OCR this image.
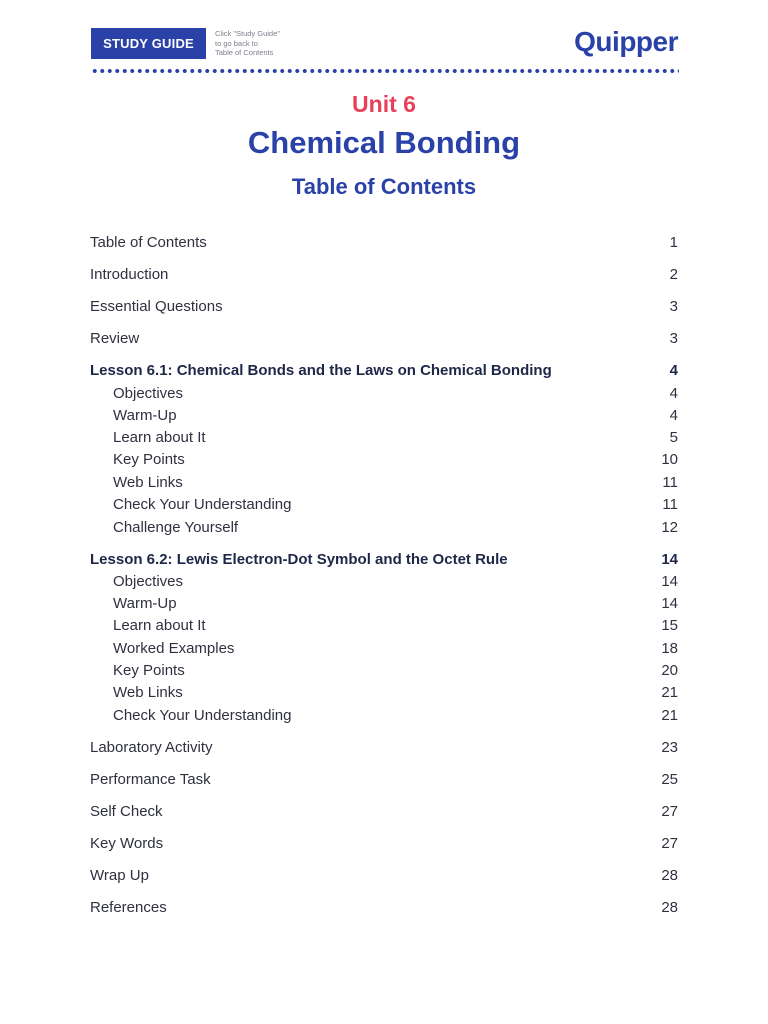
STUDY GUIDE
Click "Study Guide"
to go back to
Table of Contents	Quipper
Unit 6
Chemical Bonding
Table of Contents
Table of Contents	1
Introduction	2
Essential Questions	3
Review	3
Lesson 6.1: Chemical Bonds and the Laws on Chemical Bonding	4
Objectives	4
Warm-Up	4
Learn about It	5
Key Points	10
Web Links	11
Check Your Understanding	11
Challenge Yourself	12
Lesson 6.2: Lewis Electron-Dot Symbol and the Octet Rule	14
Objectives	14
Warm-Up	14
Learn about It	15
Worked Examples	18
Key Points	20
Web Links	21
Check Your Understanding	21
Laboratory Activity	23
Performance Task	25
Self Check	27
Key Words	27
Wrap Up	28
References	28
